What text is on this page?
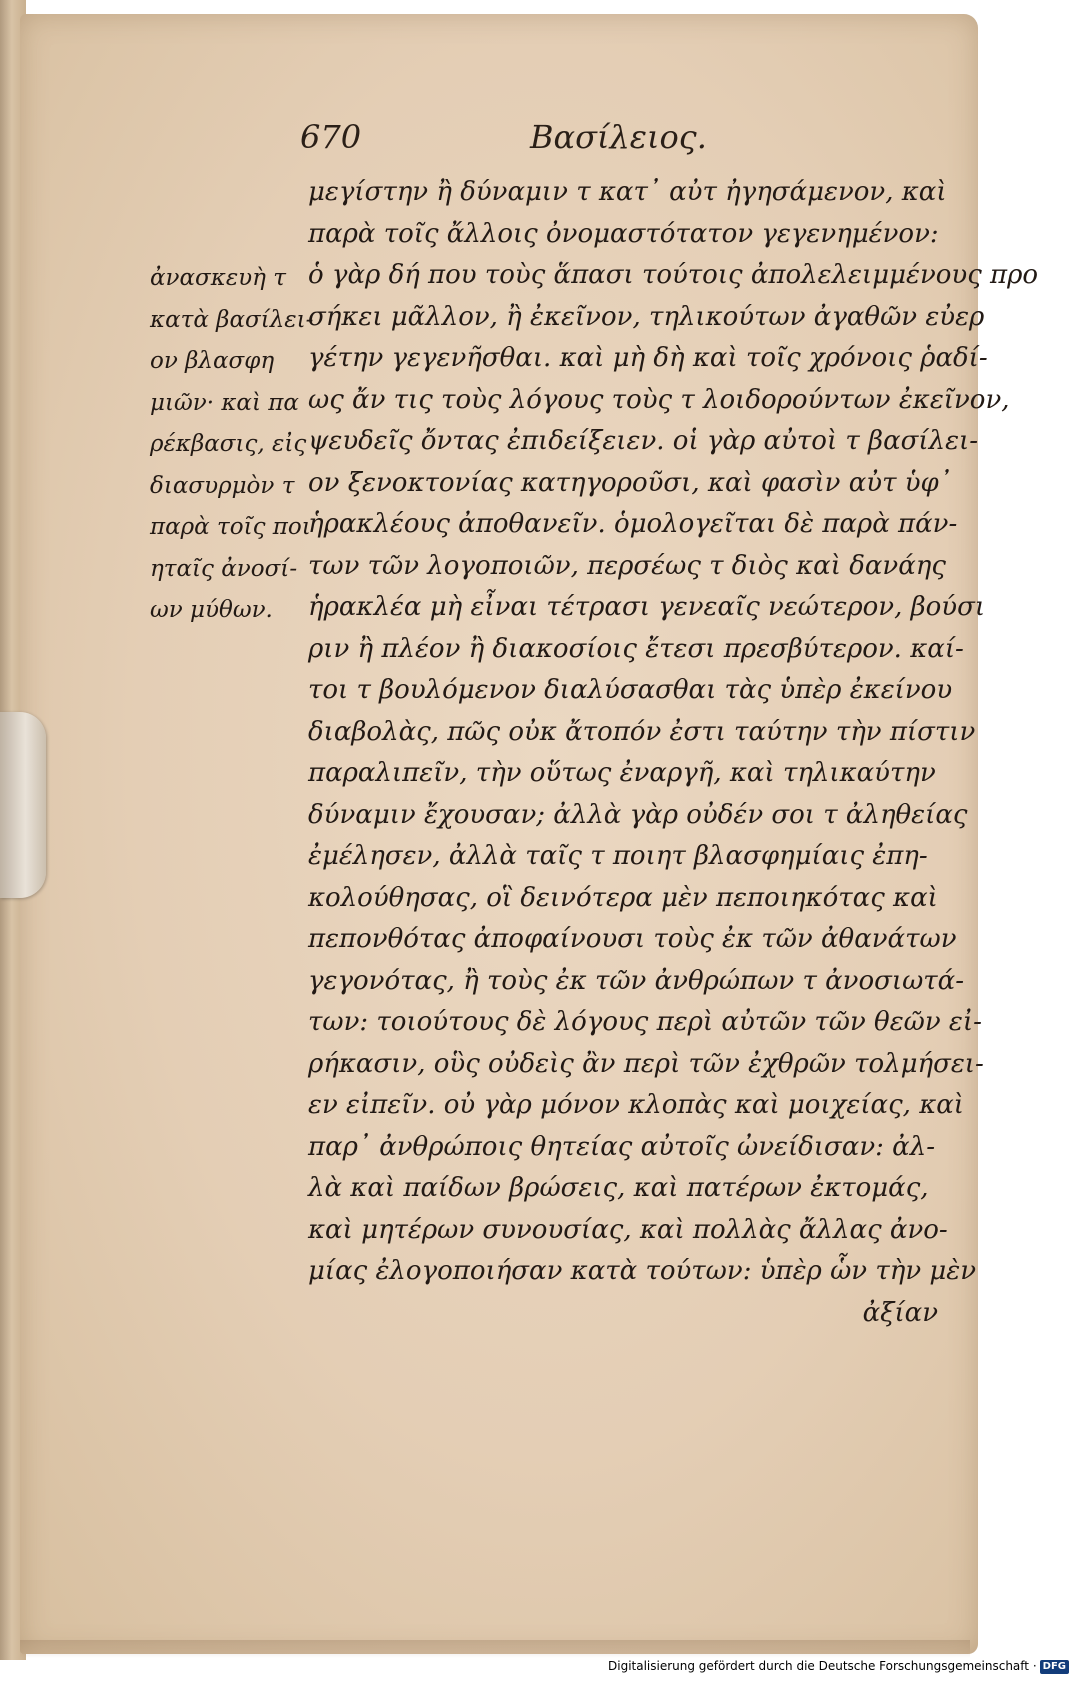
670	Βασίλειος.
ἀνασκευὴ τ
κατὰ βασίλει-
ον βλασφη
μιῶν· καὶ πα
ρέκβασις, εἰς
διασυρμὸν τ
παρὰ τοῖς ποι
ηταῖς ἀνοσί-
ων μύθων.
μεγίστην ἢ δύναμιν τ κατ᾽ αὐτ ἠγησάμενον, καὶ
παρὰ τοῖς ἄλλοις ὀνομαστότατον γεγενημένον:
ὁ γὰρ δή που τοὺς ἅπασι τούτοις ἀπολελειμμένους προ
σήκει μᾶλλον, ἢ ἐκεῖνον, τηλικούτων ἀγαθῶν εὐερ
γέτην γεγενῆσθαι. καὶ μὴ δὴ καὶ τοῖς χρόνοις ῥαδί-
ως ἄν τις τοὺς λόγους τοὺς τ λοιδορούντων ἐκεῖνον,
ψευδεῖς ὄντας ἐπιδείξειεν. οἱ γὰρ αὐτοὶ τ βασίλει-
ον ξενοκτονίας κατηγοροῦσι, καὶ φασὶν αὐτ ὑφ᾽
ἡρακλέους ἀποθανεῖν. ὁμολογεῖται δὲ παρὰ πάν-
των τῶν λογοποιῶν, περσέως τ διὸς καὶ δανάης
ἡρακλέα μὴ εἶναι τέτρασι γενεαῖς νεώτερον, βούσι
ριν ἢ πλέον ἢ διακοσίοις ἔτεσι πρεσβύτερον. καί-
τοι τ βουλόμενον διαλύσασθαι τὰς ὑπὲρ ἐκείνου
διαβολὰς, πῶς οὐκ ἄτοπόν ἐστι ταύτην τὴν πίστιν
παραλιπεῖν, τὴν οὕτως ἐναργῆ, καὶ τηλικαύτην
δύναμιν ἔχουσαν; ἀλλὰ γὰρ οὐδέν σοι τ ἀληθείας
ἐμέλησεν, ἀλλὰ ταῖς τ ποιητ βλασφημίαις ἐπη-
κολούθησας, οἳ δεινότερα μὲν πεποιηκότας καὶ
πεπονθότας ἀποφαίνουσι τοὺς ἐκ τῶν ἀθανάτων
γεγονότας, ἢ τοὺς ἐκ τῶν ἀνθρώπων τ ἀνοσιωτά-
των: τοιούτους δὲ λόγους περὶ αὐτῶν τῶν θεῶν εἰ-
ρήκασιν, οὓς οὐδεὶς ἂν περὶ τῶν ἐχθρῶν τολμήσει-
εν εἰπεῖν. οὐ γὰρ μόνον κλοπὰς καὶ μοιχείας, καὶ
παρ᾽ ἀνθρώποις θητείας αὐτοῖς ὠνείδισαν: ἀλ-
λὰ καὶ παίδων βρώσεις, καὶ πατέρων ἐκτομάς,
καὶ μητέρων συνουσίας, καὶ πολλὰς ἄλλας ἀνο-
μίας ἐλογοποιήσαν κατὰ τούτων: ὑπὲρ ὧν τὴν μὲν
ἀξίαν
Digitalisierung gefördert durch die Deutsche Forschungsgemeinschaft · DFG
